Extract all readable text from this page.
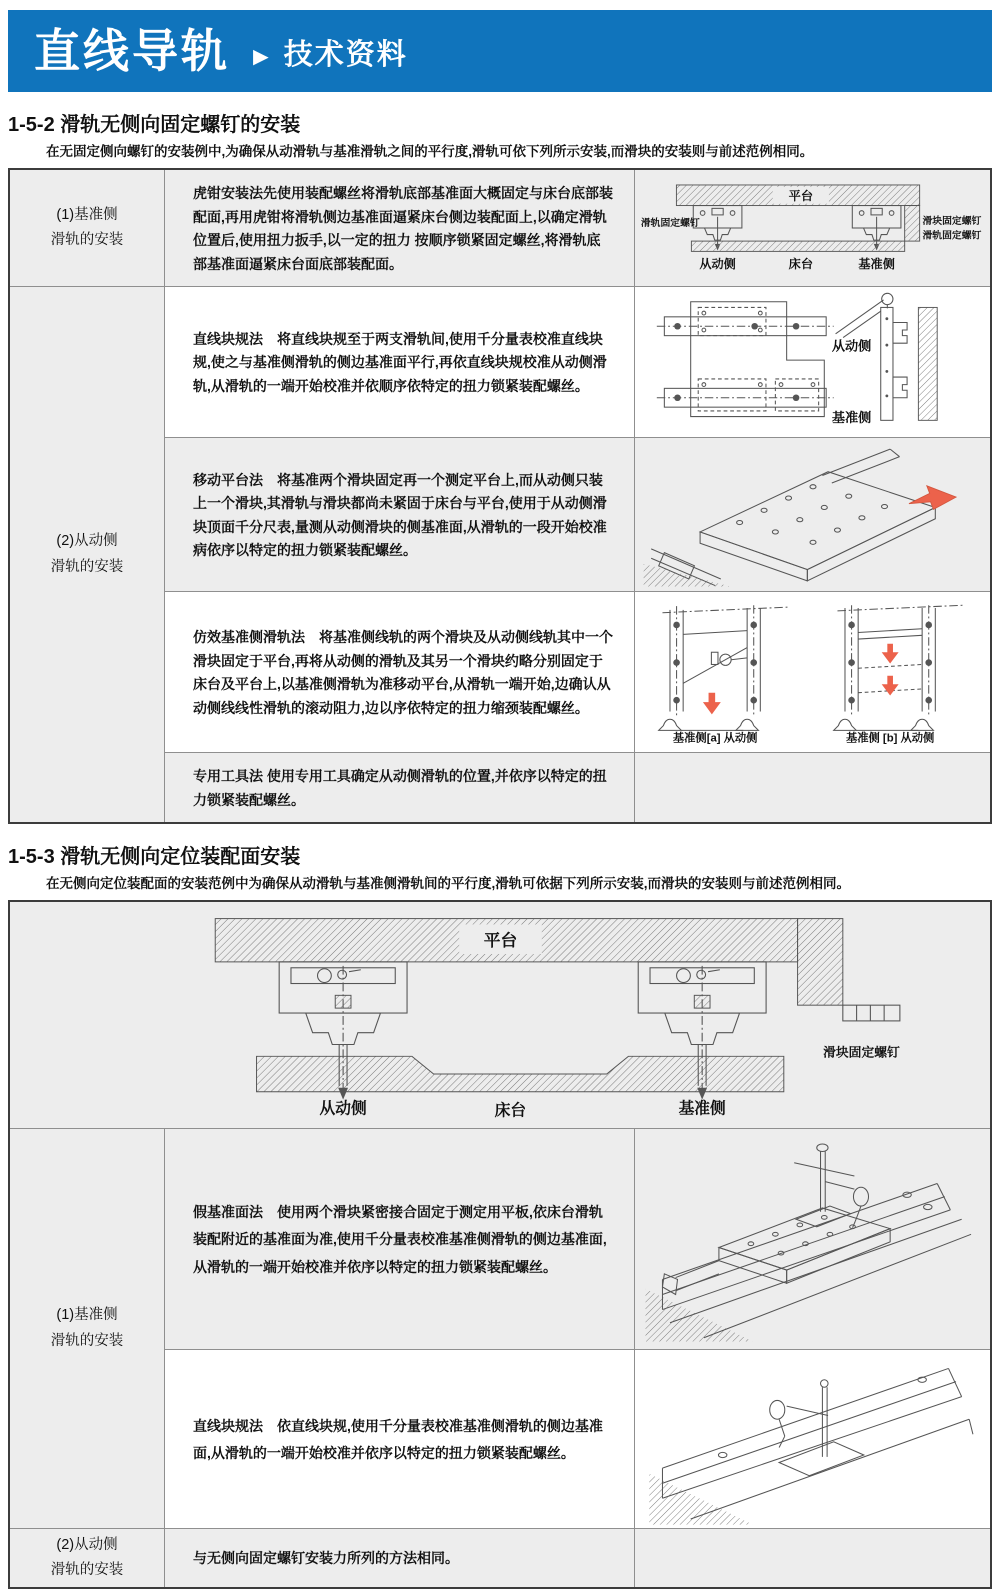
直线导轨 ► 技术资料
1-5-2 滑轨无侧向固定螺钉的安装
在无固定侧向螺钉的安装例中,为确保从动滑轨与基准滑轨之间的平行度,滑轨可依下列所示安装,而滑块的安装则与前述范例相同。
(1)基准侧
滑轨的安装

虎钳安装法先使用装配螺丝将滑轨底部基准面大概固定与床台底部装配面,再用虎钳将滑轨侧边基准面逼紧床台侧边装配面上,以确定滑轨位置后,使用扭力扳手,以一定的扭力 按顺序锁紧固定螺丝,将滑轨底部基准面逼紧床台面底部装配面。

平台
滑轨固定螺钉
从动侧	床台	基准侧
滑块固定螺钉
滑轨固定螺钉
(2)从动侧
滑轨的安装

直线块规法　将直线块规至于两支滑轨间,使用千分量表校准直线块规,使之与基准侧滑轨的侧边基准面平行,再依直线块规校准从动侧滑轨,从滑轨的一端开始校准并依顺序依特定的扭力锁紧装配螺丝。

从动侧
基准侧

移动平台法　将基准两个滑块固定再一个测定平台上,而从动侧只装上一个滑块,其滑轨与滑块都尚未紧固于床台与平台,使用于从动侧滑块顶面千分尺表,量测从动侧滑块的侧基准面,从滑轨的一段开始校准病依序以特定的扭力锁紧装配螺丝。

仿效基准侧滑轨法　将基准侧线轨的两个滑块及从动侧线轨其中一个滑块固定于平台,再将从动侧的滑轨及其另一个滑块约略分别固定于床台及平台上,以基准侧滑轨为准移动平台,从滑轨一端开始,边确认从动侧线线性滑轨的滚动阻力,边以序依特定的扭力缩颈装配螺丝。

基准侧[a] 从动侧	基准侧 [b] 从动侧

专用工具法 使用专用工具确定从动侧滑轨的位置,并依序以特定的扭力锁紧装配螺丝。

1-5-3 滑轨无侧向定位装配面安装
在无侧向定位装配面的安装范例中为确保从动滑轨与基准侧滑轨间的平行度,滑轨可依据下列所示安装,而滑块的安装则与前述范例相同。
平台
滑块固定螺钉
从动侧	床台	基准侧
(1)基准侧
滑轨的安装

假基准面法　使用两个滑块紧密接合固定于测定用平板,依床台滑轨装配附近的基准面为准,使用千分量表校准基准侧滑轨的侧边基准面,从滑轨的一端开始校准并依序以特定的扭力锁紧装配螺丝。

直线块规法　依直线块规,使用千分量表校准基准侧滑轨的侧边基准面,从滑轨的一端开始校准并依序以特定的扭力锁紧装配螺丝。

(2)从动侧
滑轨的安装

与无侧向固定螺钉安装力所列的方法相同。
